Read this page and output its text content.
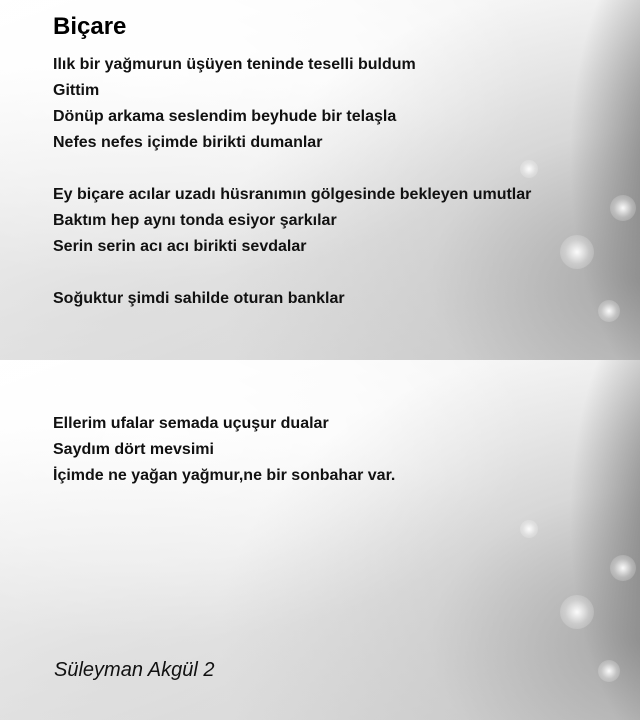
Biçare
Ilık bir yağmurun üşüyen teninde teselli buldum
Gittim
Dönüp arkama seslendim beyhude bir telaşla
Nefes nefes içimde birikti dumanlar
Ey biçare acılar uzadı hüsranımın gölgesinde bekleyen umutlar
Baktım hep aynı tonda esiyor şarkılar
Serin serin acı acı birikti sevdalar
Soğuktur şimdi sahilde oturan banklar
Ellerim ufalar semada uçuşur dualar
Saydım dört mevsimi
İçimde ne yağan yağmur,ne bir sonbahar var.
Süleyman Akgül 2
